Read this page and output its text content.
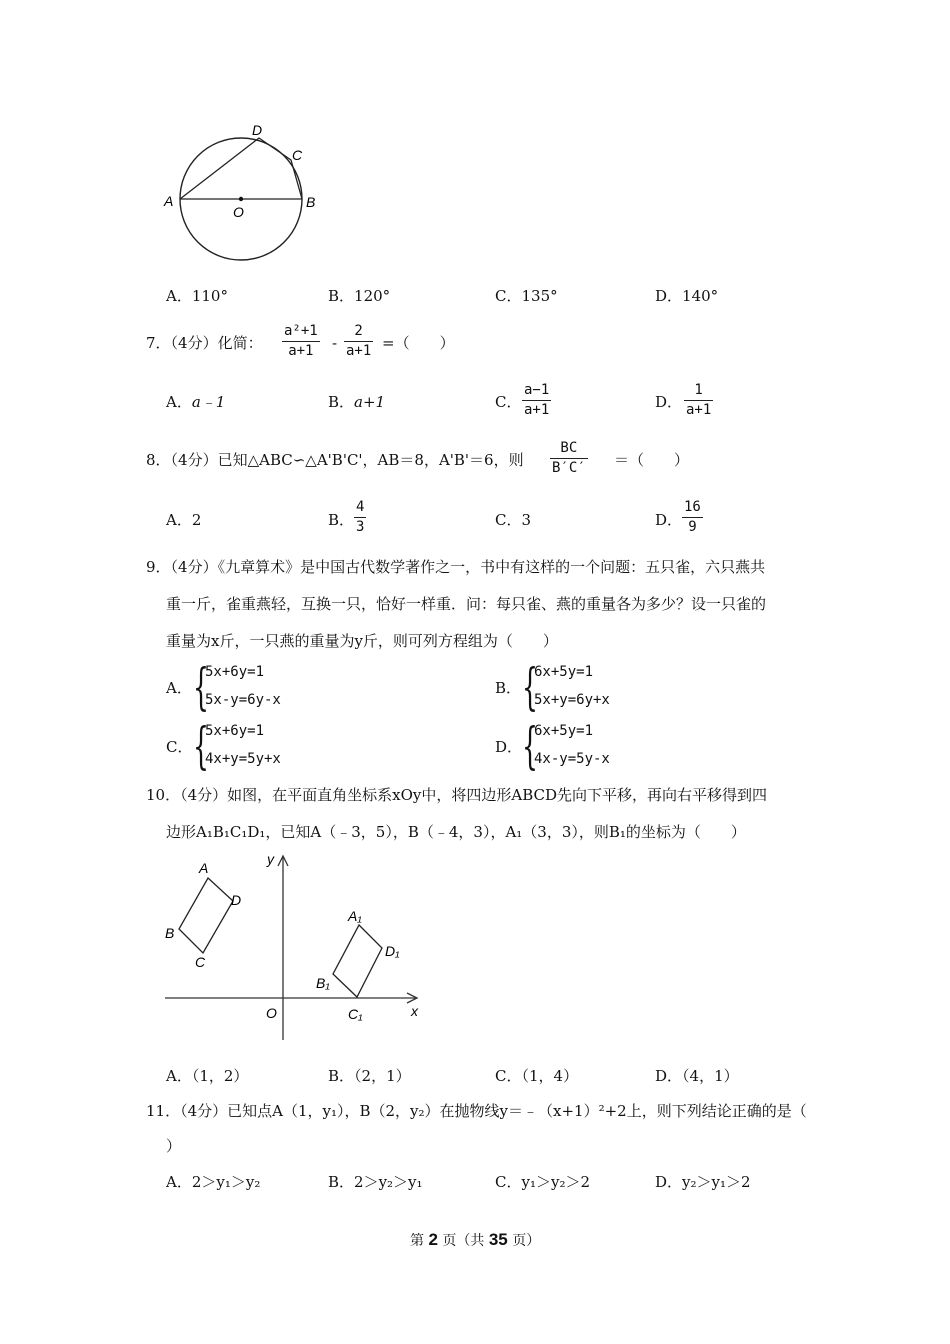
A
O
B
D
C
A．110°	B．120°	C．135°	D．140°
7．（4分）化简：
a²+1
a+1 -
2
a+1 =（　　）
A．a﹣1	B．a+1	C．
a−1
a+1	D．
1
a+1
8．（4分）已知△ABC∽△A'B'C'，AB＝8，A'B'＝6，则
BC
B′C′ ＝（　　）
A．2	B．
4
3	C．3	D．
16
9
9．（4分）《九章算术》是中国古代数学著作之一，书中有这样的一个问题：五只雀，六只燕共
重一斤，雀重燕轻，互换一只，恰好一样重．问：每只雀、燕的重量各为多少？设一只雀的
重量为x斤，一只燕的重量为y斤，则可列方程组为（　　）
A． {
5x+6y=1
5x-y=6y-x
B． {
6x+5y=1
5x+y=6y+x
C． {
5x+6y=1
4x+y=5y+x
D． {
6x+5y=1
4x-y=5y-x
10．（4分）如图，在平面直角坐标系xOy中，将四边形ABCD先向下平移，再向右平移得到四
边形A₁B₁C₁D₁，已知A（﹣3，5），B（﹣4，3），A₁（3，3），则B₁的坐标为（　　）
y
x
O
A
D
B
C
A₁
D₁
B₁
C₁
A．（1，2）	B．（2，1）	C．（1，4）	D．（4，1）
11．（4分）已知点A（1，y₁），B（2，y₂）在抛物线y＝﹣（x+1）²+2上，则下列结论正确的是（
）
A．2＞y₁＞y₂	B．2＞y₂＞y₁	C．y₁＞y₂＞2	D．y₂＞y₁＞2
第 2 页（共 35 页）
